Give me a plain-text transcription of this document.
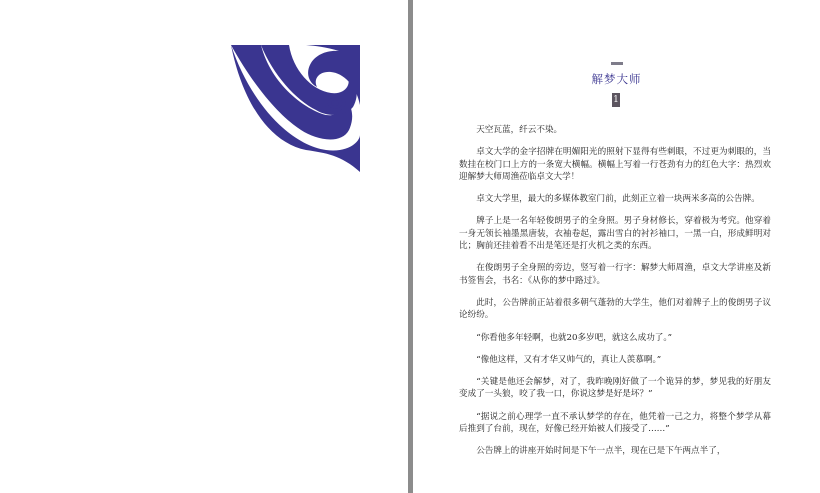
解梦大师
1

天空瓦蓝，纤云不染。

卓文大学的金字招牌在明媚阳光的照射下显得有些刺眼，不过更为刺眼的，当数挂在校门口上方的一条宽大横幅。横幅上写着一行苍劲有力的红色大字：热烈欢迎解梦大师周渔莅临卓文大学！

卓文大学里，最大的多媒体教室门前，此刻正立着一块两米多高的公告牌。

牌子上是一名年轻俊朗男子的全身照。男子身材修长，穿着极为考究。他穿着一身无领长袖墨黑唐装，衣袖卷起，露出雪白的衬衫袖口，一黑一白，形成鲜明对比；胸前还挂着看不出是笔还是打火机之类的东西。

在俊朗男子全身照的旁边，竖写着一行字：解梦大师周渔，卓文大学讲座及新书签售会，书名：《从你的梦中路过》。

此时，公告牌前正站着很多朝气蓬勃的大学生，他们对着牌子上的俊朗男子议论纷纷。

“你看他多年轻啊，也就20多岁吧，就这么成功了。”

“像他这样，又有才华又帅气的，真让人羡慕啊。”

“关键是他还会解梦，对了，我昨晚刚好做了一个诡异的梦，梦见我的好朋友变成了一头狼，咬了我一口，你说这梦是好是坏？”

“据说之前心理学一直不承认梦学的存在，他凭着一己之力，将整个梦学从幕后推到了台前，现在，好像已经开始被人们接受了……”

公告牌上的讲座开始时间是下午一点半，现在已是下午两点半了，
